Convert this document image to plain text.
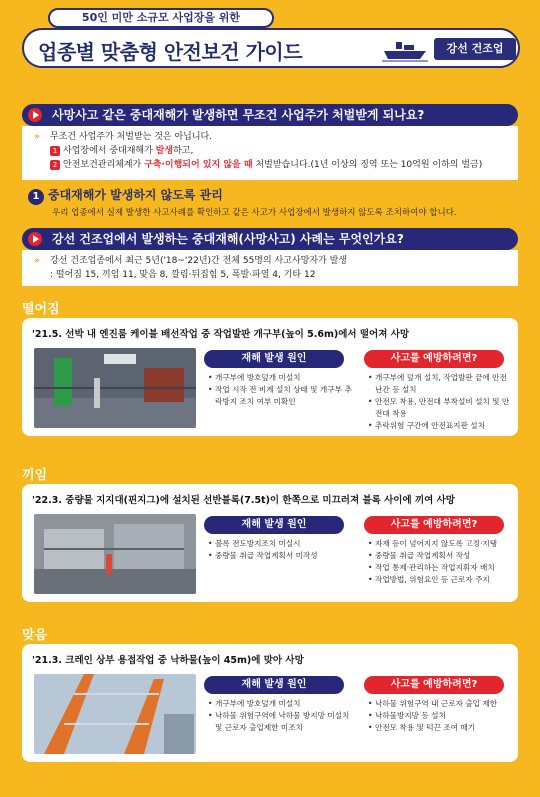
50인 미만 소규모 사업장을 위한
업종별 맞춤형 안전보건 가이드	강선 건조업
사망사고 같은 중대재해가 발생하면 무조건 사업주가 처벌받게 되나요?
» 무조건 사업주가 처벌받는 것은 아닙니다.
1 사업장에서 중대재해가 발생하고,
2 안전보건관리체계가 구축·이행되어 있지 않을 때 처벌받습니다.(1년 이상의 징역 또는 10억원 이하의 벌금)
1 중대재해가 발생하지 않도록 관리
우리 업종에서 실제 발생한 사고사례를 확인하고 같은 사고가 사업장에서 발생하지 않도록 조치하여야 합니다.
강선 건조업에서 발생하는 중대재해(사망사고) 사례는 무엇인가요?
» 강선 건조업종에서 최근 5년('18~'22년)간 전체 55명의 사고사망자가 발생
: 떨어짐 15, 끼임 11, 맞음 8, 깔림·뒤집힘 5, 폭발·파열 4, 기타 12
떨어짐
'21.5. 선박 내 엔진룸 케이블 배선작업 중 작업발판 개구부(높이 5.6m)에서 떨어져 사망
재해 발생 원인
• 개구부에 방호덮개 미설치
• 작업 시작 전 비계 설치 상태 및 개구부 추락방지 조치 여부 미확인
사고를 예방하려면?
• 개구부에 덮개 설치, 작업발판 끝에 안전난간 등 설치
• 안전모 착용, 안전대 부착설비 설치 및 안전대 착용
• 추락위험 구간에 안전표지판 설치
끼임
'22.3. 중량물 지지대(핀지그)에 설치된 선반블록(7.5t)이 한쪽으로 미끄러져 블록 사이에 끼여 사망
재해 발생 원인
• 블록 전도방지조치 미실시
• 중량물 취급 작업계획서 미작성
사고를 예방하려면?
• 자재 등이 넘어지지 않도록 고정·지탱
• 중량물 취급 작업계획서 작성
• 작업 통제·관리하는 작업지휘자 배치
• 작업방법, 위험요인 등 근로자 주지
맞음
'21.3. 크레인 상부 용접작업 중 낙하물(높이 45m)에 맞아 사망
재해 발생 원인
• 개구부에 방호덮개 미설치
• 낙하물 위험구역에 낙하물 방지망 미설치 및 근로자 출입제한 미조치
사고를 예방하려면?
• 낙하물 위험구역 내 근로자 출입 제한
• 낙하물방지망 등 설치
• 안전모 착용 및 턱끈 조여 매기
